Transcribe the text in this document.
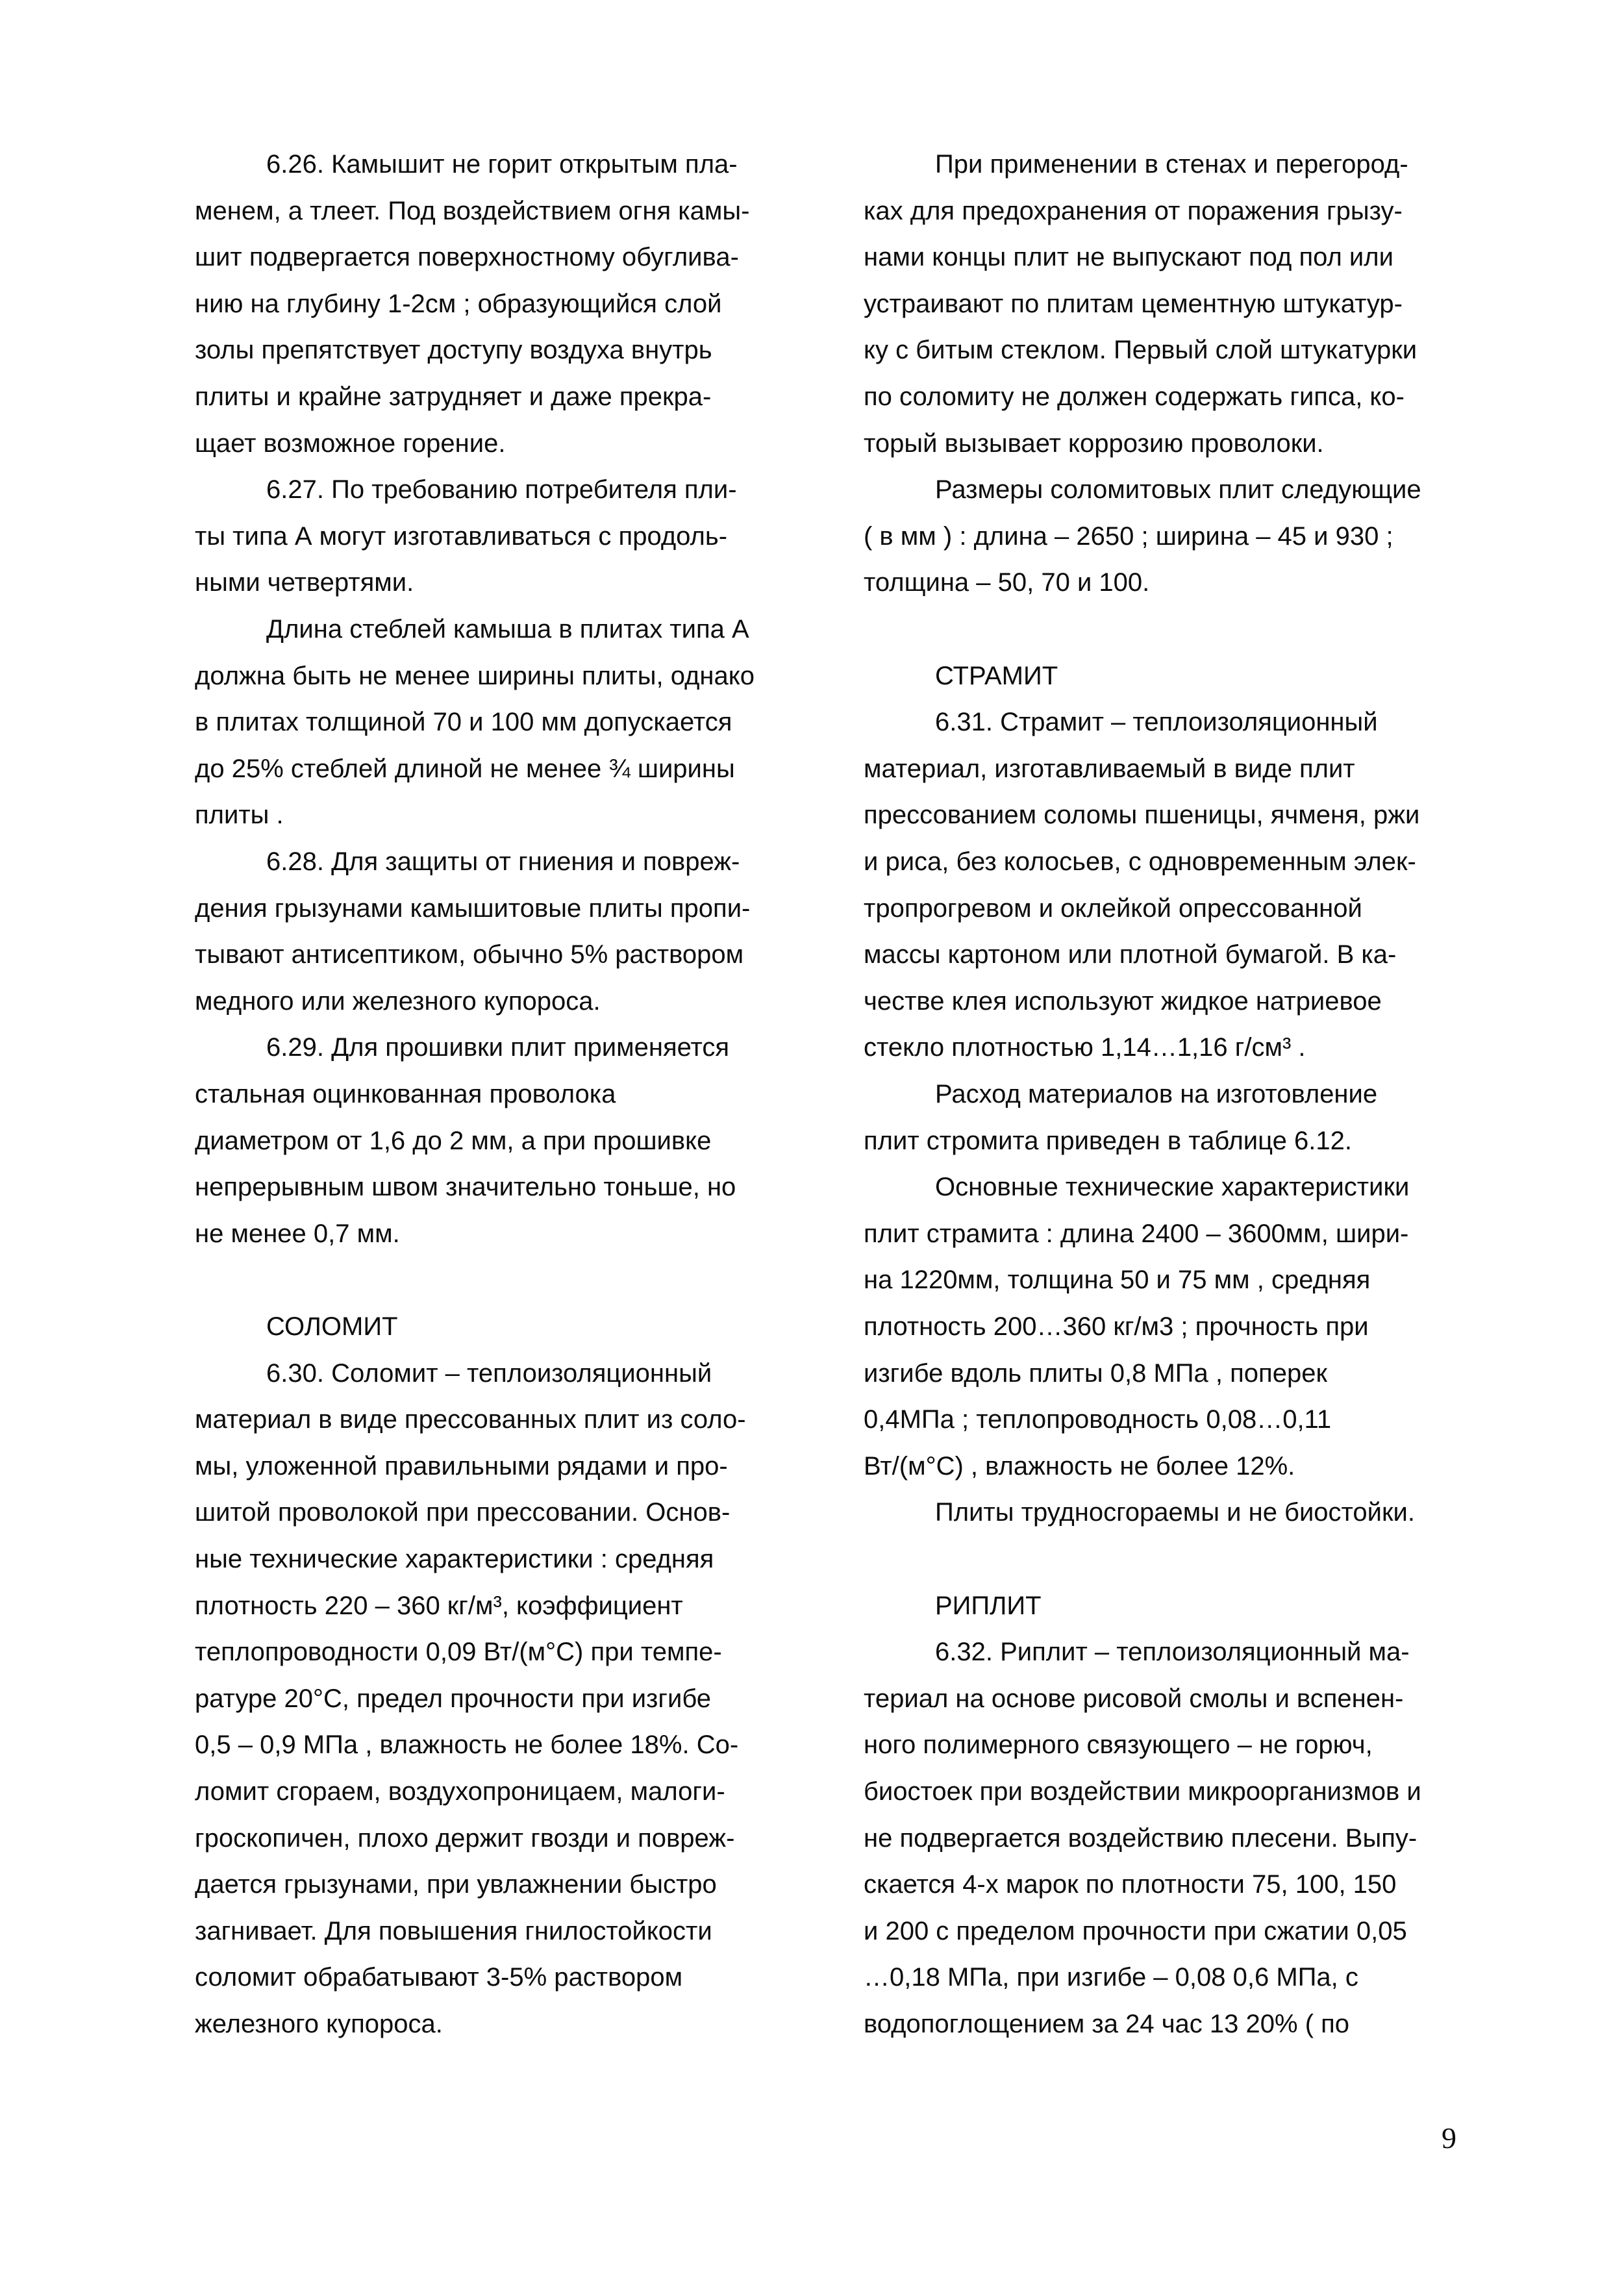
6.26. Камышит не горит открытым пла-
менем, а тлеет. Под воздействием огня камы-
шит подвергается поверхностному обуглива-
нию на глубину 1-2см ; образующийся слой
золы препятствует доступу воздуха внутрь
плиты и крайне затрудняет и даже прекра-
щает возможное горение.
6.27. По требованию потребителя пли-
ты типа А могут изготавливаться с продоль-
ными четвертями.
Длина стеблей камыша в плитах типа А
должна быть не менее ширины плиты, однако
в плитах толщиной 70 и 100 мм допускается
до 25% стеблей длиной не менее ¾ ширины
плиты .
6.28. Для защиты от гниения и повреж-
дения грызунами камышитовые плиты пропи-
тывают антисептиком, обычно 5% раствором
медного или железного купороса.
6.29. Для прошивки плит применяется
стальная оцинкованная проволока
диаметром от 1,6 до 2 мм, а при прошивке
непрерывным швом значительно тоньше, но
не менее 0,7 мм.
СОЛОМИТ
6.30. Соломит – теплоизоляционный
материал в виде прессованных плит из соло-
мы, уложенной правильными рядами и про-
шитой проволокой при прессовании. Основ-
ные технические характеристики : средняя
плотность 220 – 360 кг/м³, коэффициент
теплопроводности 0,09 Вт/(м°С) при темпе-
ратуре 20°С, предел прочности при изгибе
0,5 – 0,9 МПа , влажность не более 18%. Со-
ломит сгораем, воздухопроницаем, малоги-
гроскопичен, плохо держит гвозди и повреж-
дается грызунами, при увлажнении быстро
загнивает. Для повышения гнилостойкости
соломит обрабатывают 3-5% раствором
железного купороса.
При применении в стенах и перегород-
ках для предохранения от поражения грызу-
нами концы плит не выпускают под пол или
устраивают по плитам цементную штукатур-
ку с битым стеклом. Первый слой штукатурки
по соломиту не должен содержать гипса, ко-
торый вызывает коррозию проволоки.
Размеры соломитовых плит следующие
( в мм ) : длина – 2650 ; ширина – 45 и 930 ;
толщина – 50, 70 и 100.
СТРАМИТ
6.31. Страмит – теплоизоляционный
материал, изготавливаемый в виде плит
прессованием соломы пшеницы, ячменя, ржи
и риса, без колосьев, с одновременным элек-
тропрогревом и оклейкой опрессованной
массы картоном или плотной бумагой. В ка-
честве клея используют жидкое натриевое
стекло плотностью 1,14…1,16 г/см³ .
Расход материалов на изготовление
плит стромита приведен в таблице 6.12.
Основные технические характеристики
плит страмита : длина 2400 – 3600мм, шири-
на 1220мм, толщина 50 и 75 мм , средняя
плотность 200…360 кг/м3 ; прочность при
изгибе вдоль плиты 0,8 МПа , поперек
0,4МПа ; теплопроводность 0,08…0,11
Вт/(м°С) , влажность не более 12%.
Плиты трудносгораемы и не биостойки.
РИПЛИТ
6.32. Риплит – теплоизоляционный ма-
териал на основе рисовой смолы и вспенен-
ного полимерного связующего – не горюч,
биостоек при воздействии микроорганизмов и
не подвергается воздействию плесени. Выпу-
скается 4-х марок по плотности 75, 100, 150
и 200 с пределом прочности при сжатии 0,05
…0,18 МПа, при изгибе – 0,08 0,6 МПа, с
водопоглощением за 24 час 13 20% ( по
9
